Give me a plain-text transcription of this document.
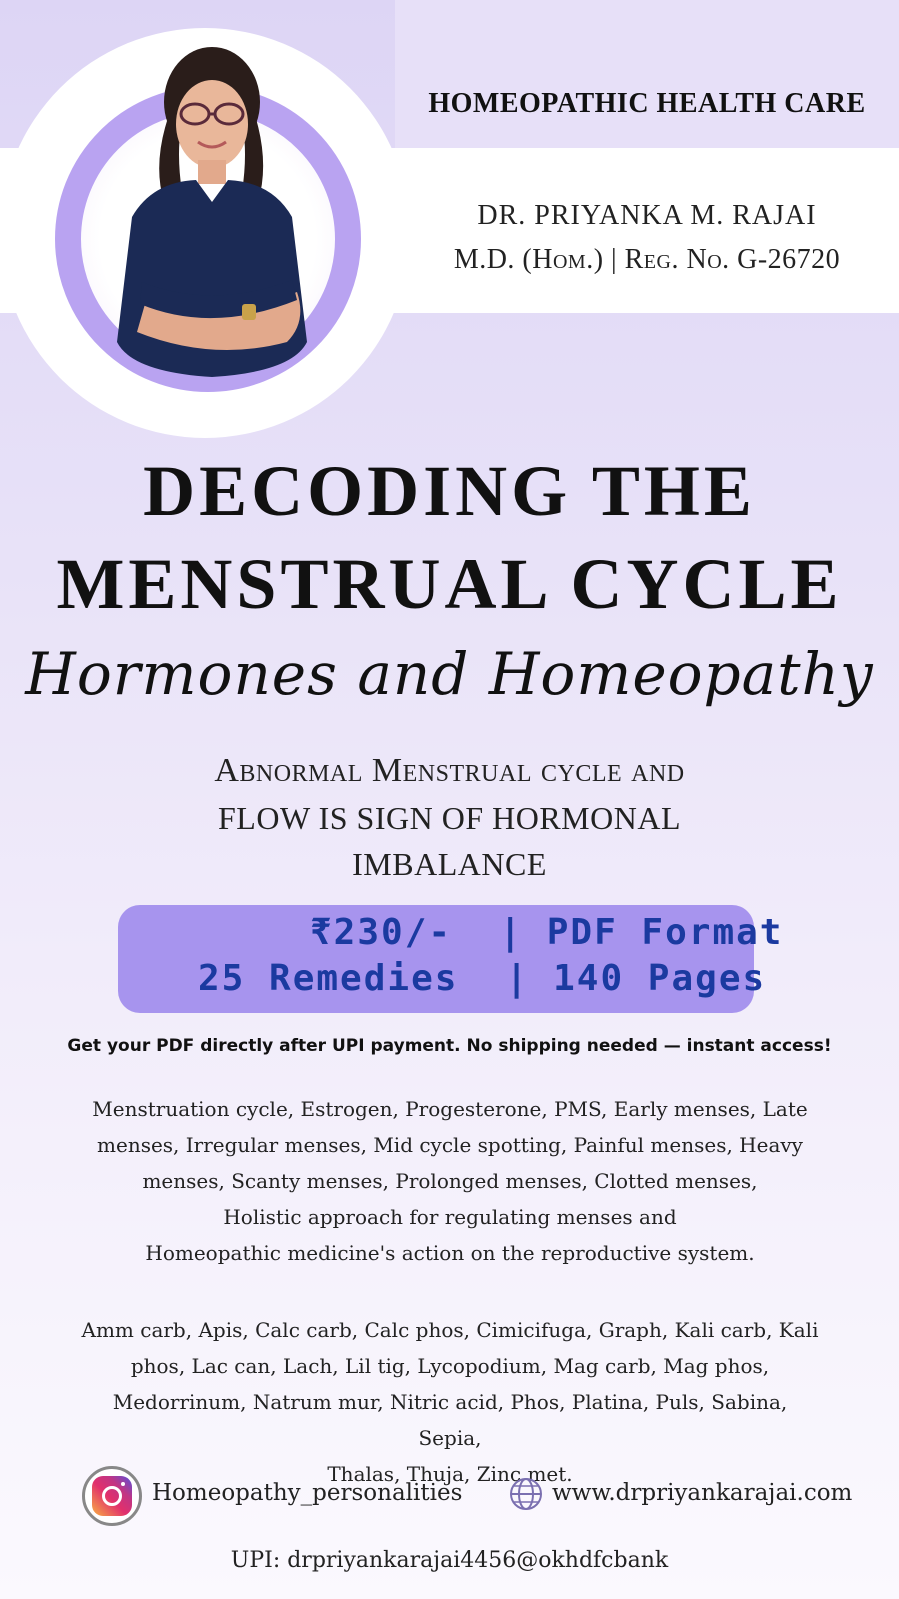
HOMEOPATHIC HEALTH CARE
DR. PRIYANKA M. RAJAI
M.D. (Hom.) | Reg. No. G-26720
DECODING THE
MENSTRUAL CYCLE
Hormones and Homeopathy
Abnormal Menstrual cycle and
FLOW IS SIGN OF HORMONAL
IMBALANCE
₹230/-  | PDF Format
25 Remedies  | 140 Pages
Get your PDF directly after UPI payment. No shipping needed — instant access!
Menstruation cycle, Estrogen, Progesterone, PMS, Early menses, Late
menses, Irregular menses, Mid cycle spotting, Painful menses, Heavy
menses, Scanty menses, Prolonged menses, Clotted menses,
Holistic approach for regulating menses and
Homeopathic medicine's action on the reproductive system.
Amm carb, Apis, Calc carb, Calc phos, Cimicifuga, Graph, Kali carb, Kali
phos, Lac can, Lach, Lil tig, Lycopodium, Mag carb, Mag phos,
Medorrinum, Natrum mur, Nitric acid, Phos, Platina, Puls, Sabina, Sepia,
Thalas, Thuja, Zinc met.
Homeopathy_personalities	www.drpriyankarajai.com
UPI: drpriyankarajai4456@okhdfcbank
